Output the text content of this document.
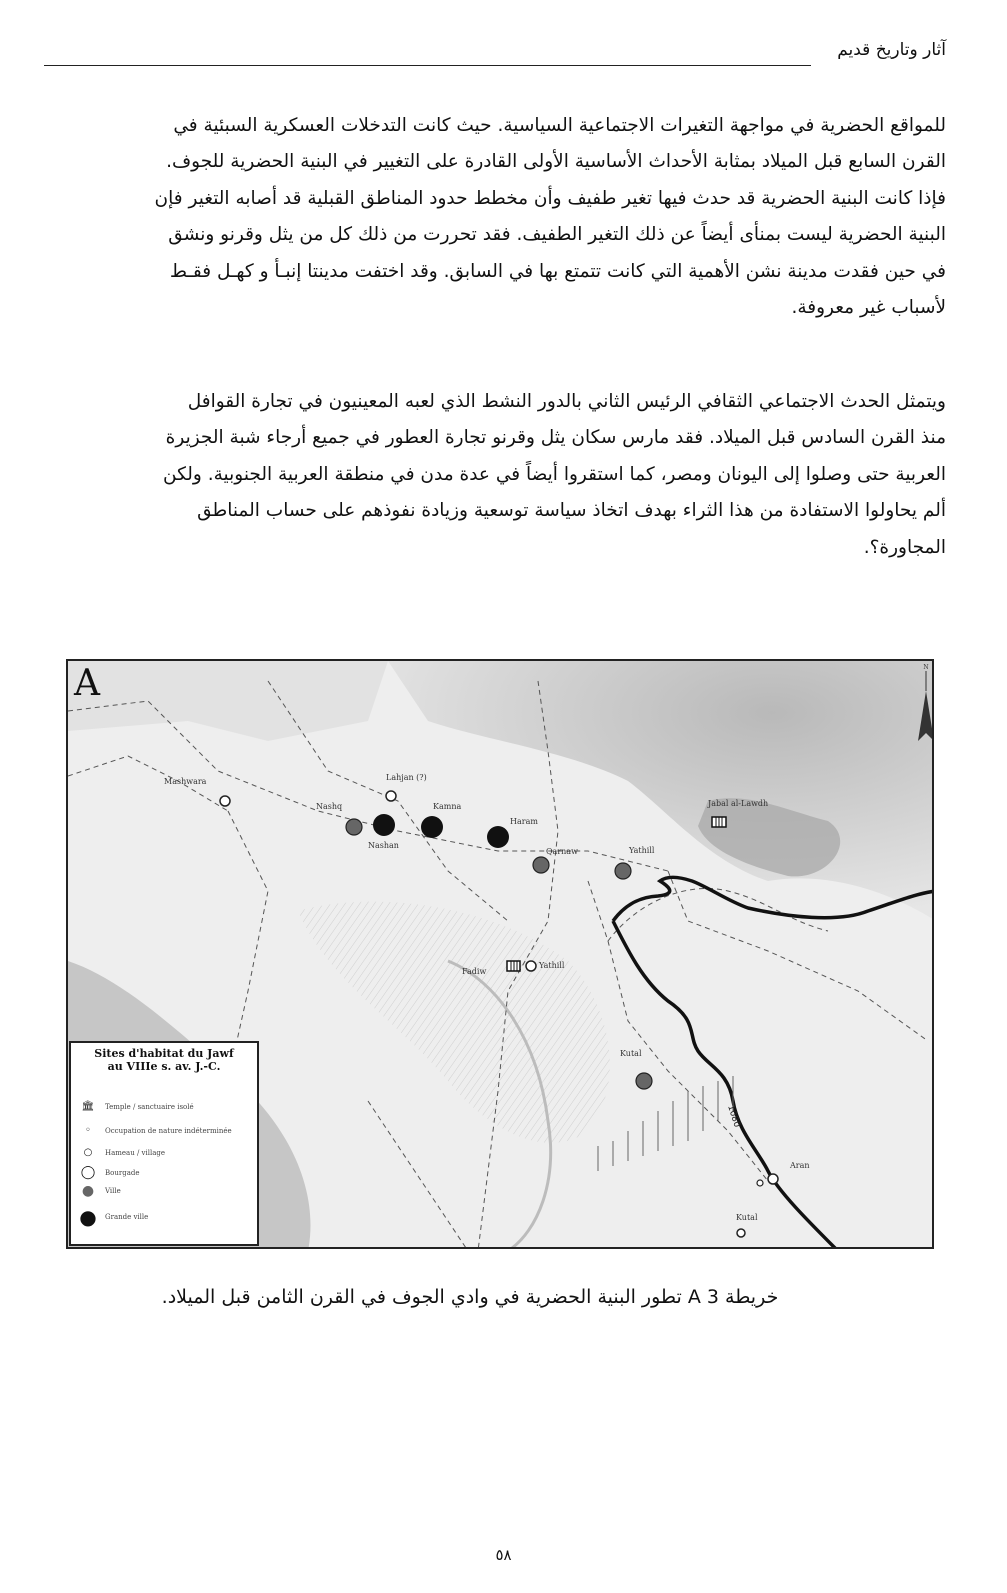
آثار وتاريخ قديم

للمواقع الحضرية في مواجهة التغيرات الاجتماعية السياسية. حيث كانت التدخلات العسكرية السبئية في

القرن السابع قبل الميلاد بمثابة الأحداث الأساسية الأولى القادرة على التغيير في البنية الحضرية للجوف.

فإذا كانت البنية الحضرية قد حدث فيها تغير طفيف وأن مخطط حدود المناطق القبلية قد أصابه التغير فإن

البنية الحضرية ليست بمنأى أيضاً عن ذلك التغير الطفيف. فقد تحررت من ذلك كل من يثل وقرنو ونشق

في حين فقدت مدينة نشن الأهمية التي كانت تتمتع بها في السابق. وقد اختفت مدينتا إنبـأ و كهـل فقـط

لأسباب غير معروفة.

ويتمثل الحدث الاجتماعي الثقافي الرئيس الثاني بالدور النشط الذي لعبه المعينيون في تجارة القوافل

منذ القرن السادس قبل الميلاد. فقد مارس سكان يثل وقرنو تجارة العطور في جميع أرجاء شبة الجزيرة

العربية حتى وصلوا إلى اليونان ومصر، كما استقروا أيضاً في عدة مدن في منطقة العربية الجنوبية. ولكن

ألم يحاولوا الاستفادة من هذا الثراء بهدف اتخاذ سياسة توسعية وزيادة نفوذهم على حساب المناطق

المجاورة؟.

N
1080
A
Mashwara	Lahjan (?)
Nashq
Nashan
Kamna
Haram
Qarnaw	Yathill
Jabal al-Lawdh
Yathill
Fadiw
Kutal
Aran
Kutal
Sites d'habitat du Jawf
au VIIIe s. av. J.-C.
🏛︎ Temple / sanctuaire isolé
◦	Occupation de nature indéterminée
○	Hameau / village
◯ Bourgade
● Ville
● Grande ville
خريطة 3 A تطور البنية الحضرية في وادي الجوف في القرن الثامن قبل الميلاد.
٥٨
